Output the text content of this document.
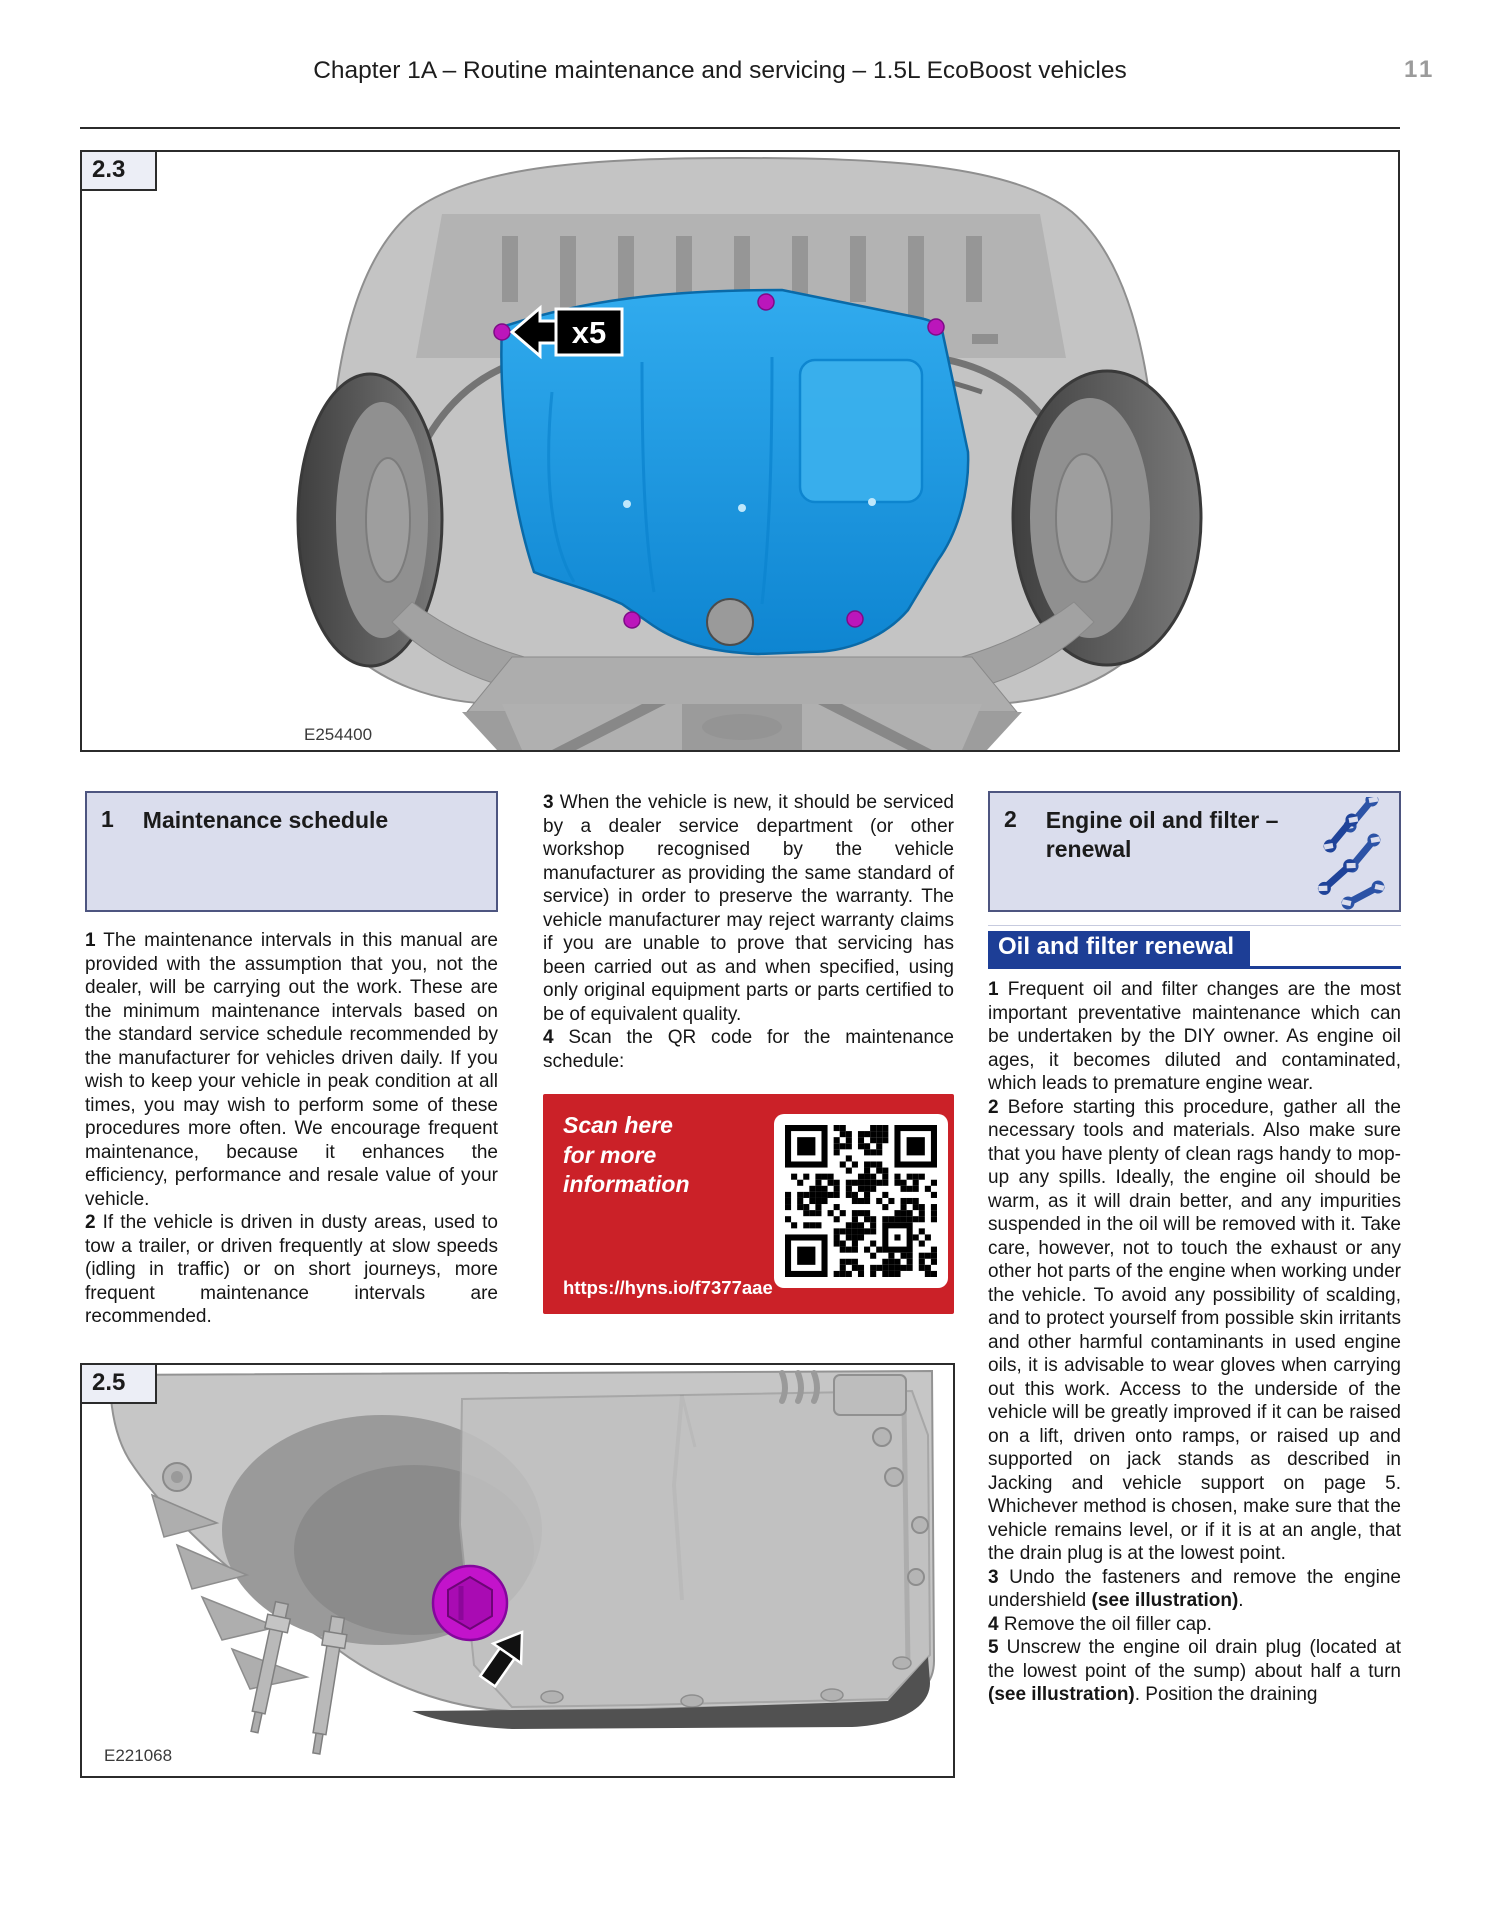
Chapter 1A – Routine maintenance and servicing – 1.5L EcoBoost vehicles	11
2.3
x5
E254400
1 Maintenance schedule

1 The maintenance intervals in this manual are provided with the assumption that you, not the dealer, will be carrying out the work. These are the minimum maintenance intervals based on the standard service schedule recommended by the manufacturer for vehicles driven daily. If you wish to keep your vehicle in peak condition at all times, you may wish to perform some of these procedures more often. We encourage frequent maintenance, because it enhances the efficiency, performance and resale value of your vehicle.

2 If the vehicle is driven in dusty areas, used to tow a trailer, or driven frequently at slow speeds (idling in traffic) or on short journeys, more frequent maintenance intervals are recommended.

3 When the vehicle is new, it should be serviced by a dealer service department (or other workshop recognised by the vehicle manufacturer as providing the same standard of service) in order to preserve the warranty. The vehicle manufacturer may reject warranty claims if you are unable to prove that servicing has been carried out as and when specified, using only original equipment parts or parts certified to be of equivalent quality.

4 Scan the QR code for the maintenance schedule:

Scan here
for more
information
https://hyns.io/f7377aae
2 Engine oil and filter –
renewal
Oil and filter renewal

1 Frequent oil and filter changes are the most important preventative maintenance which can be undertaken by the DIY owner. As engine oil ages, it becomes diluted and contaminated, which leads to premature engine wear.

2 Before starting this procedure, gather all the necessary tools and materials. Also make sure that you have plenty of clean rags handy to mop-up any spills. Ideally, the engine oil should be warm, as it will drain better, and any impurities suspended in the oil will be removed with it. Take care, however, not to touch the exhaust or any other hot parts of the engine when working under the vehicle. To avoid any possibility of scalding, and to protect yourself from possible skin irritants and other harmful contaminants in used engine oils, it is advisable to wear gloves when carrying out this work. Access to the underside of the vehicle will be greatly improved if it can be raised on a lift, driven onto ramps, or raised up and supported on jack stands as described in Jacking and vehicle support on page 5. Whichever method is chosen, make sure that the vehicle remains level, or if it is at an angle, that the drain plug is at the lowest point.

3 Undo the fasteners and remove the engine undershield (see illustration).

4 Remove the oil filler cap.

5 Unscrew the engine oil drain plug (located at the lowest point of the sump) about half a turn (see illustration). Position the draining

2.5
E221068
